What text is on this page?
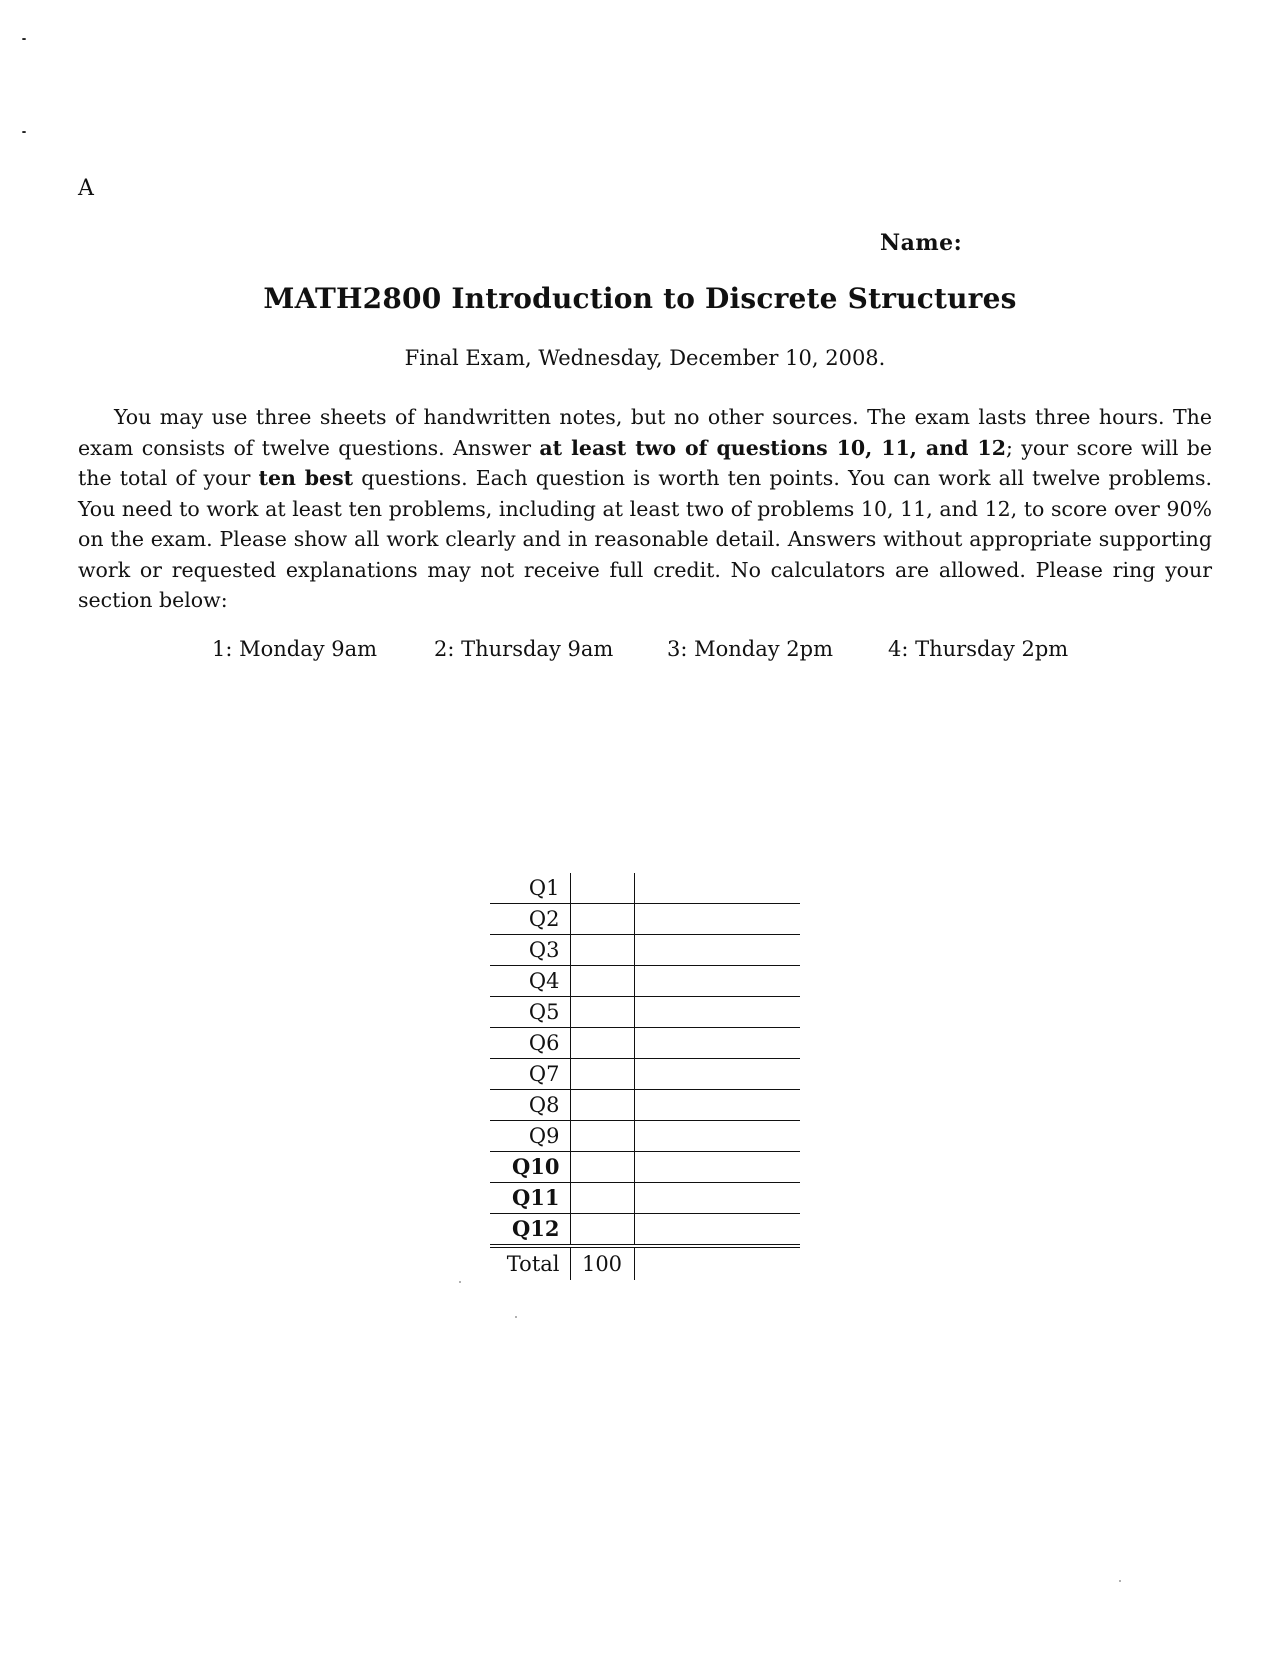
A
Name:
MATH2800 Introduction to Discrete Structures
Final Exam, Wednesday, December 10, 2008.

You may use three sheets of handwritten notes, but no other sources. The exam lasts three hours. The exam consists of twelve questions. Answer at least two of questions 10, 11, and 12; your score will be the total of your ten best questions. Each question is worth ten points. You can work all twelve problems. You need to work at least ten problems, including at least two of problems 10, 11, and 12, to score over 90% on the exam. Please show all work clearly and in reasonable detail. Answers without appropriate supporting work or requested explanations may not receive full credit. No calculators are allowed. Please ring your section below:

1: Monday 9am	2: Thursday 9am	3: Monday 2pm	4: Thursday 2pm
Q1		
Q2		
Q3		
Q4		
Q5		
Q6		
Q7		
Q8		
Q9		
Q10		
Q11		
Q12		
Total	100	
